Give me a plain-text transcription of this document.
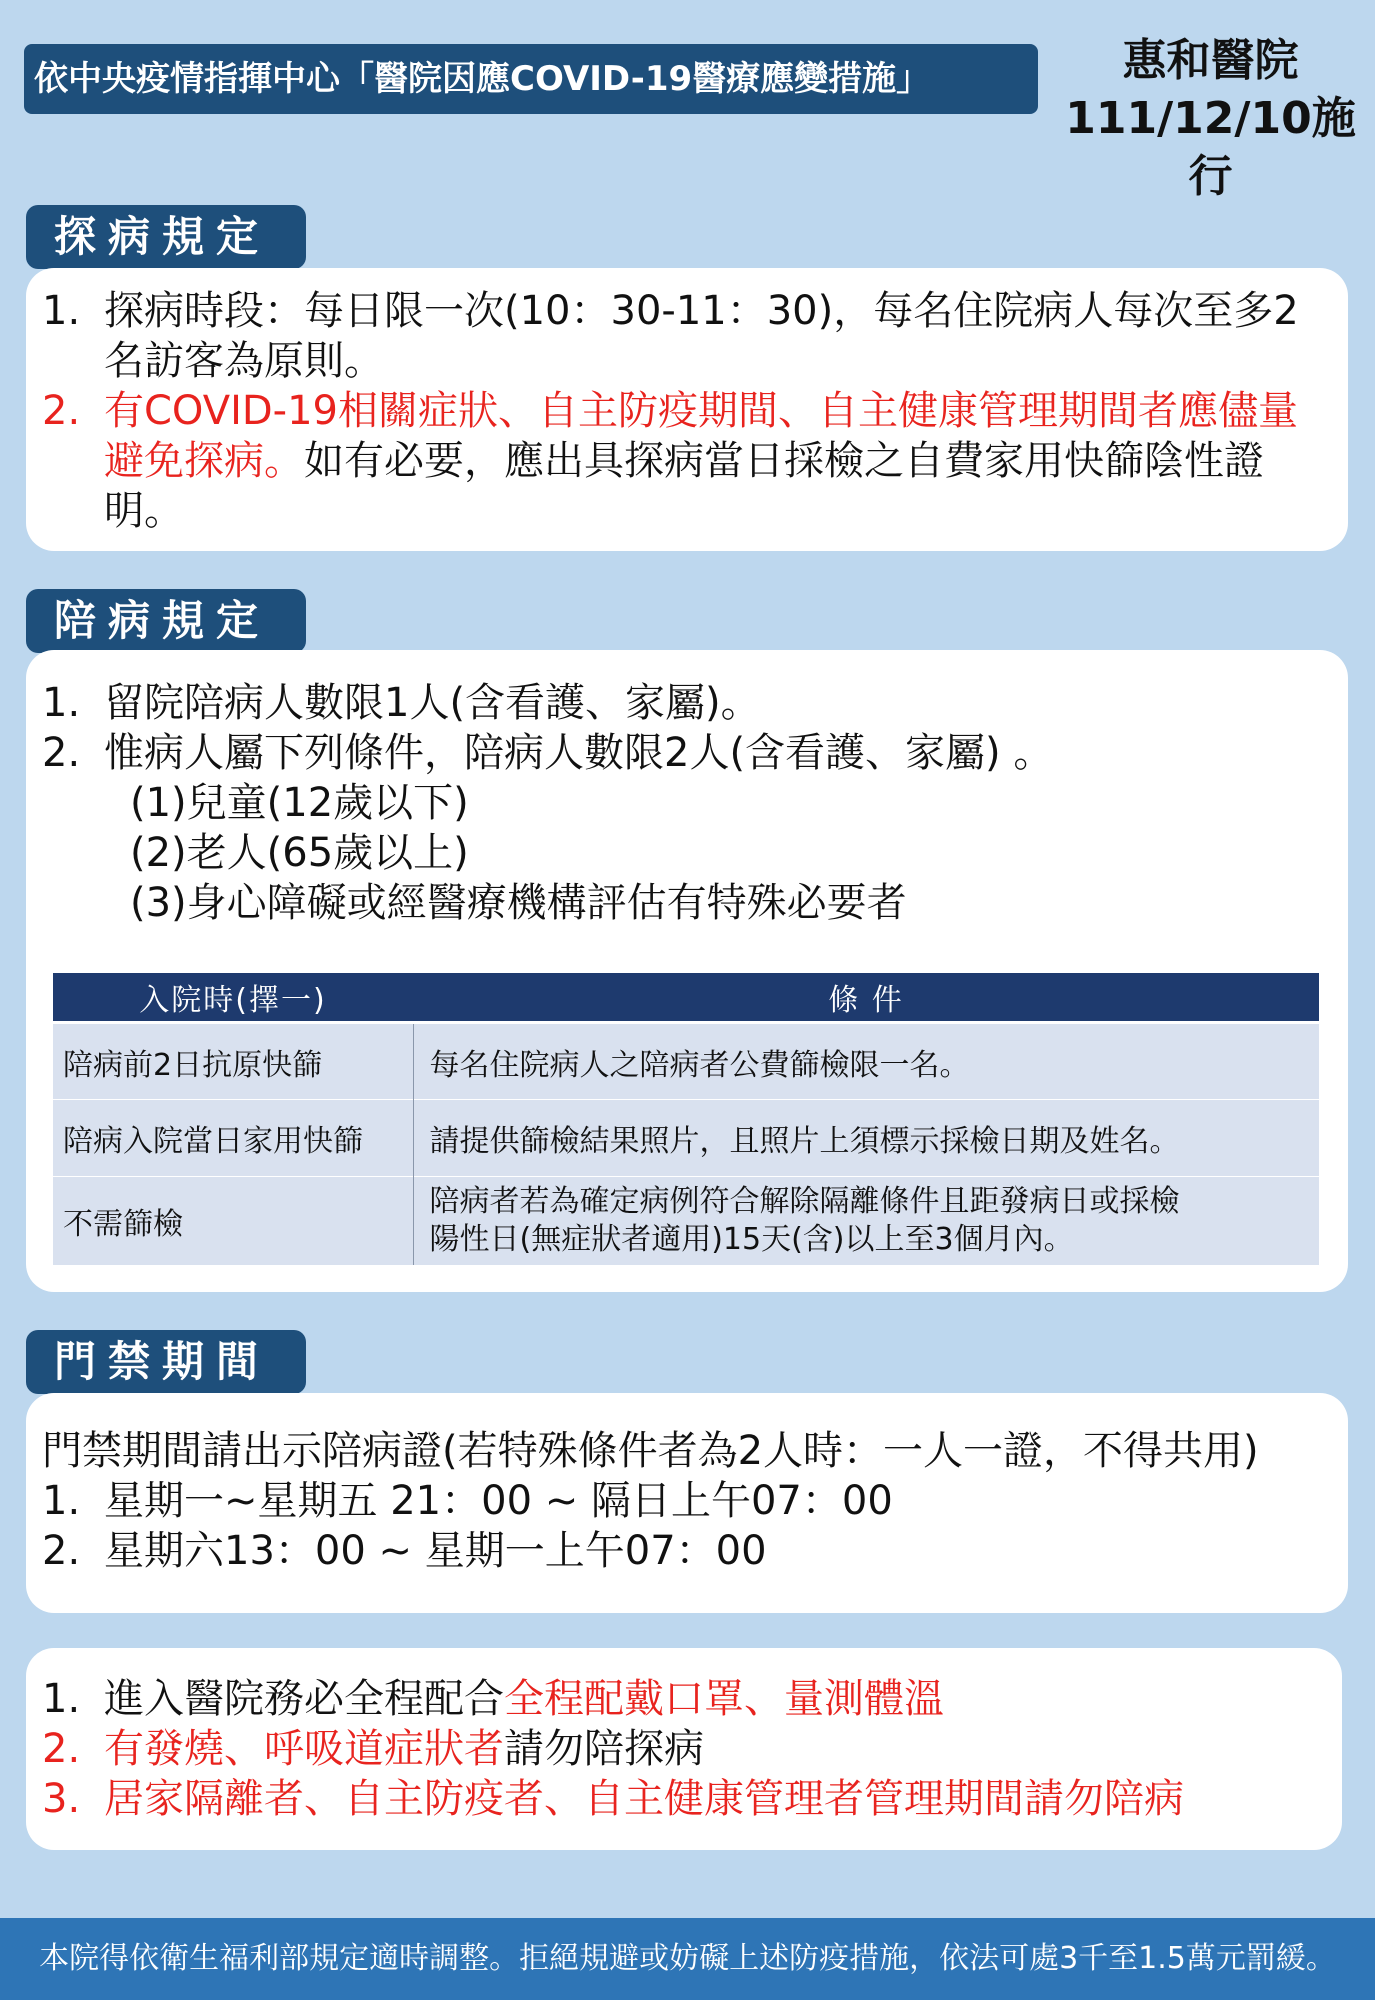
依中央疫情指揮中心「醫院因應COVID-19醫療應變措施」	惠和醫院
111/12/10施行
探病規定
1. 探病時段：每日限一次(10：30-11：30)，每名住院病人每次至多2名訪客為原則。
2. 有COVID-19相關症狀、自主防疫期間、自主健康管理期間者應儘量避免探病。如有必要，應出具探病當日採檢之自費家用快篩陰性證明。
陪病規定
1. 留院陪病人數限1人(含看護、家屬)。
2. 惟病人屬下列條件，陪病人數限2人(含看護、家屬) 。
(1)兒童(12歲以下)
(2)老人(65歲以上)
(3)身心障礙或經醫療機構評估有特殊必要者
入院時(擇一)	條 件
陪病前2日抗原快篩	每名住院病人之陪病者公費篩檢限一名。
陪病入院當日家用快篩	請提供篩檢結果照片，且照片上須標示採檢日期及姓名。
不需篩檢	陪病者若為確定病例符合解除隔離條件且距發病日或採檢
陽性日(無症狀者適用)15天(含)以上至3個月內。
門禁期間
門禁期間請出示陪病證(若特殊條件者為2人時：一人一證，不得共用)
1. 星期一~星期五 21：00 ~ 隔日上午07：00
2. 星期六13：00 ~ 星期一上午07：00
1. 進入醫院務必全程配合全程配戴口罩、量測體溫
2. 有發燒、呼吸道症狀者請勿陪探病
3. 居家隔離者、自主防疫者、自主健康管理者管理期間請勿陪病
本院得依衛生福利部規定適時調整。拒絕規避或妨礙上述防疫措施，依法可處3千至1.5萬元罰緩。
